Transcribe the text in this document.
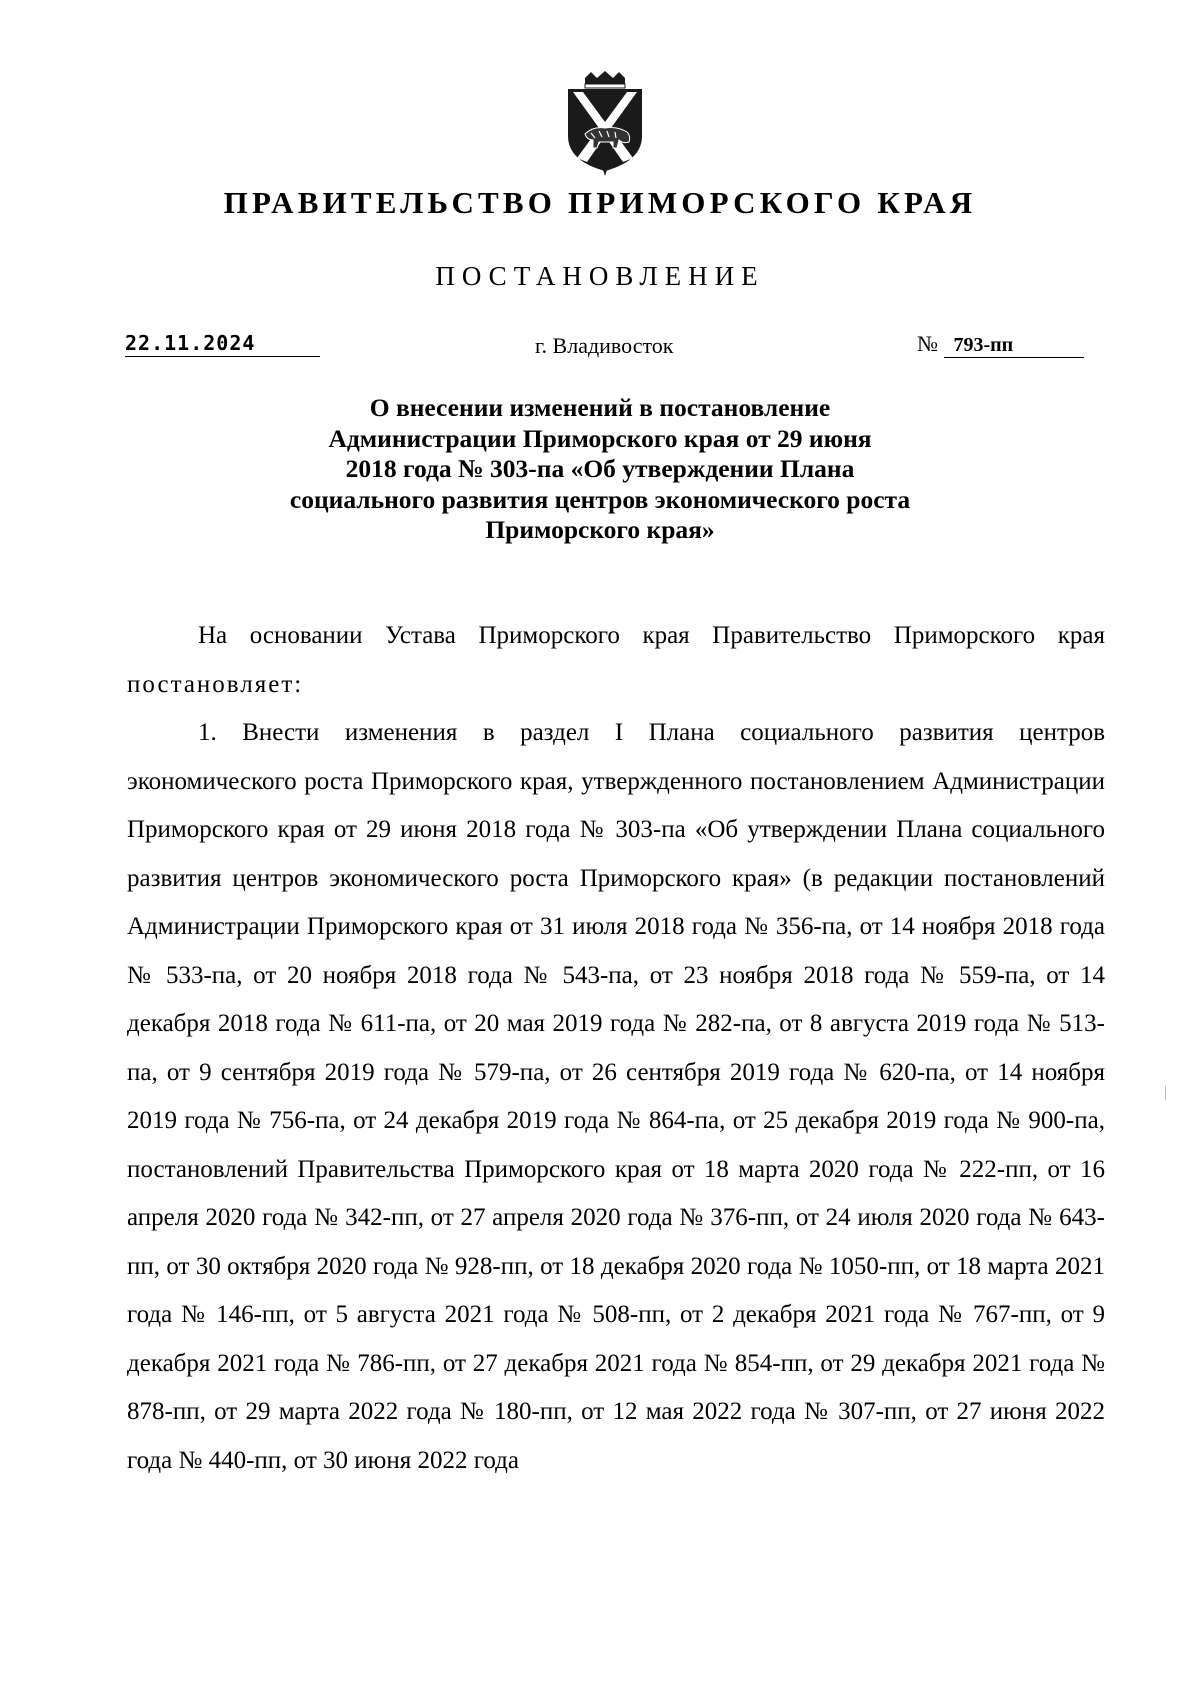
ПРАВИТЕЛЬСТВО ПРИМОРСКОГО КРАЯ
ПОСТАНОВЛЕНИЕ
22.11.2024	г. Владивосток	№ 793-пп
О внесении изменений в постановление
Администрации Приморского края от 29 июня
2018 года № 303-па «Об утверждении Плана
социального развития центров экономического роста
Приморского края»

На основании Устава Приморского края Правительство Приморского края постановляет:

1. Внести изменения в раздел I Плана социального развития центров экономического роста Приморского края, утвержденного постановлением Администрации Приморского края от 29 июня 2018 года № 303-па «Об утверждении Плана социального развития центров экономического роста Приморского края» (в редакции постановлений Администрации Приморского края от 31 июля 2018 года № 356-па, от 14 ноября 2018 года № 533-па, от 20 ноября 2018 года № 543-па, от 23 ноября 2018 года № 559-па, от 14 декабря 2018 года № 611-па, от 20 мая 2019 года № 282-па, от 8 августа 2019 года № 513-па, от 9 сентября 2019 года № 579-па, от 26 сентября 2019 года № 620-па, от 14 ноября 2019 года № 756-па, от 24 декабря 2019 года № 864-па, от 25 декабря 2019 года № 900-па, постановлений Правительства Приморского края от 18 марта 2020 года № 222-пп, от 16 апреля 2020 года № 342-пп, от 27 апреля 2020 года № 376-пп, от 24 июля 2020 года № 643-пп, от 30 октября 2020 года № 928-пп, от 18 декабря 2020 года № 1050-пп, от 18 марта 2021 года № 146-пп, от 5 августа 2021 года № 508-пп, от 2 декабря 2021 года № 767-пп, от 9 декабря 2021 года № 786-пп, от 27 декабря 2021 года № 854-пп, от 29 декабря 2021 года № 878-пп, от 29 марта 2022 года № 180-пп, от 12 мая 2022 года № 307-пп, от 27 июня 2022 года № 440-пп, от 30 июня 2022 года
